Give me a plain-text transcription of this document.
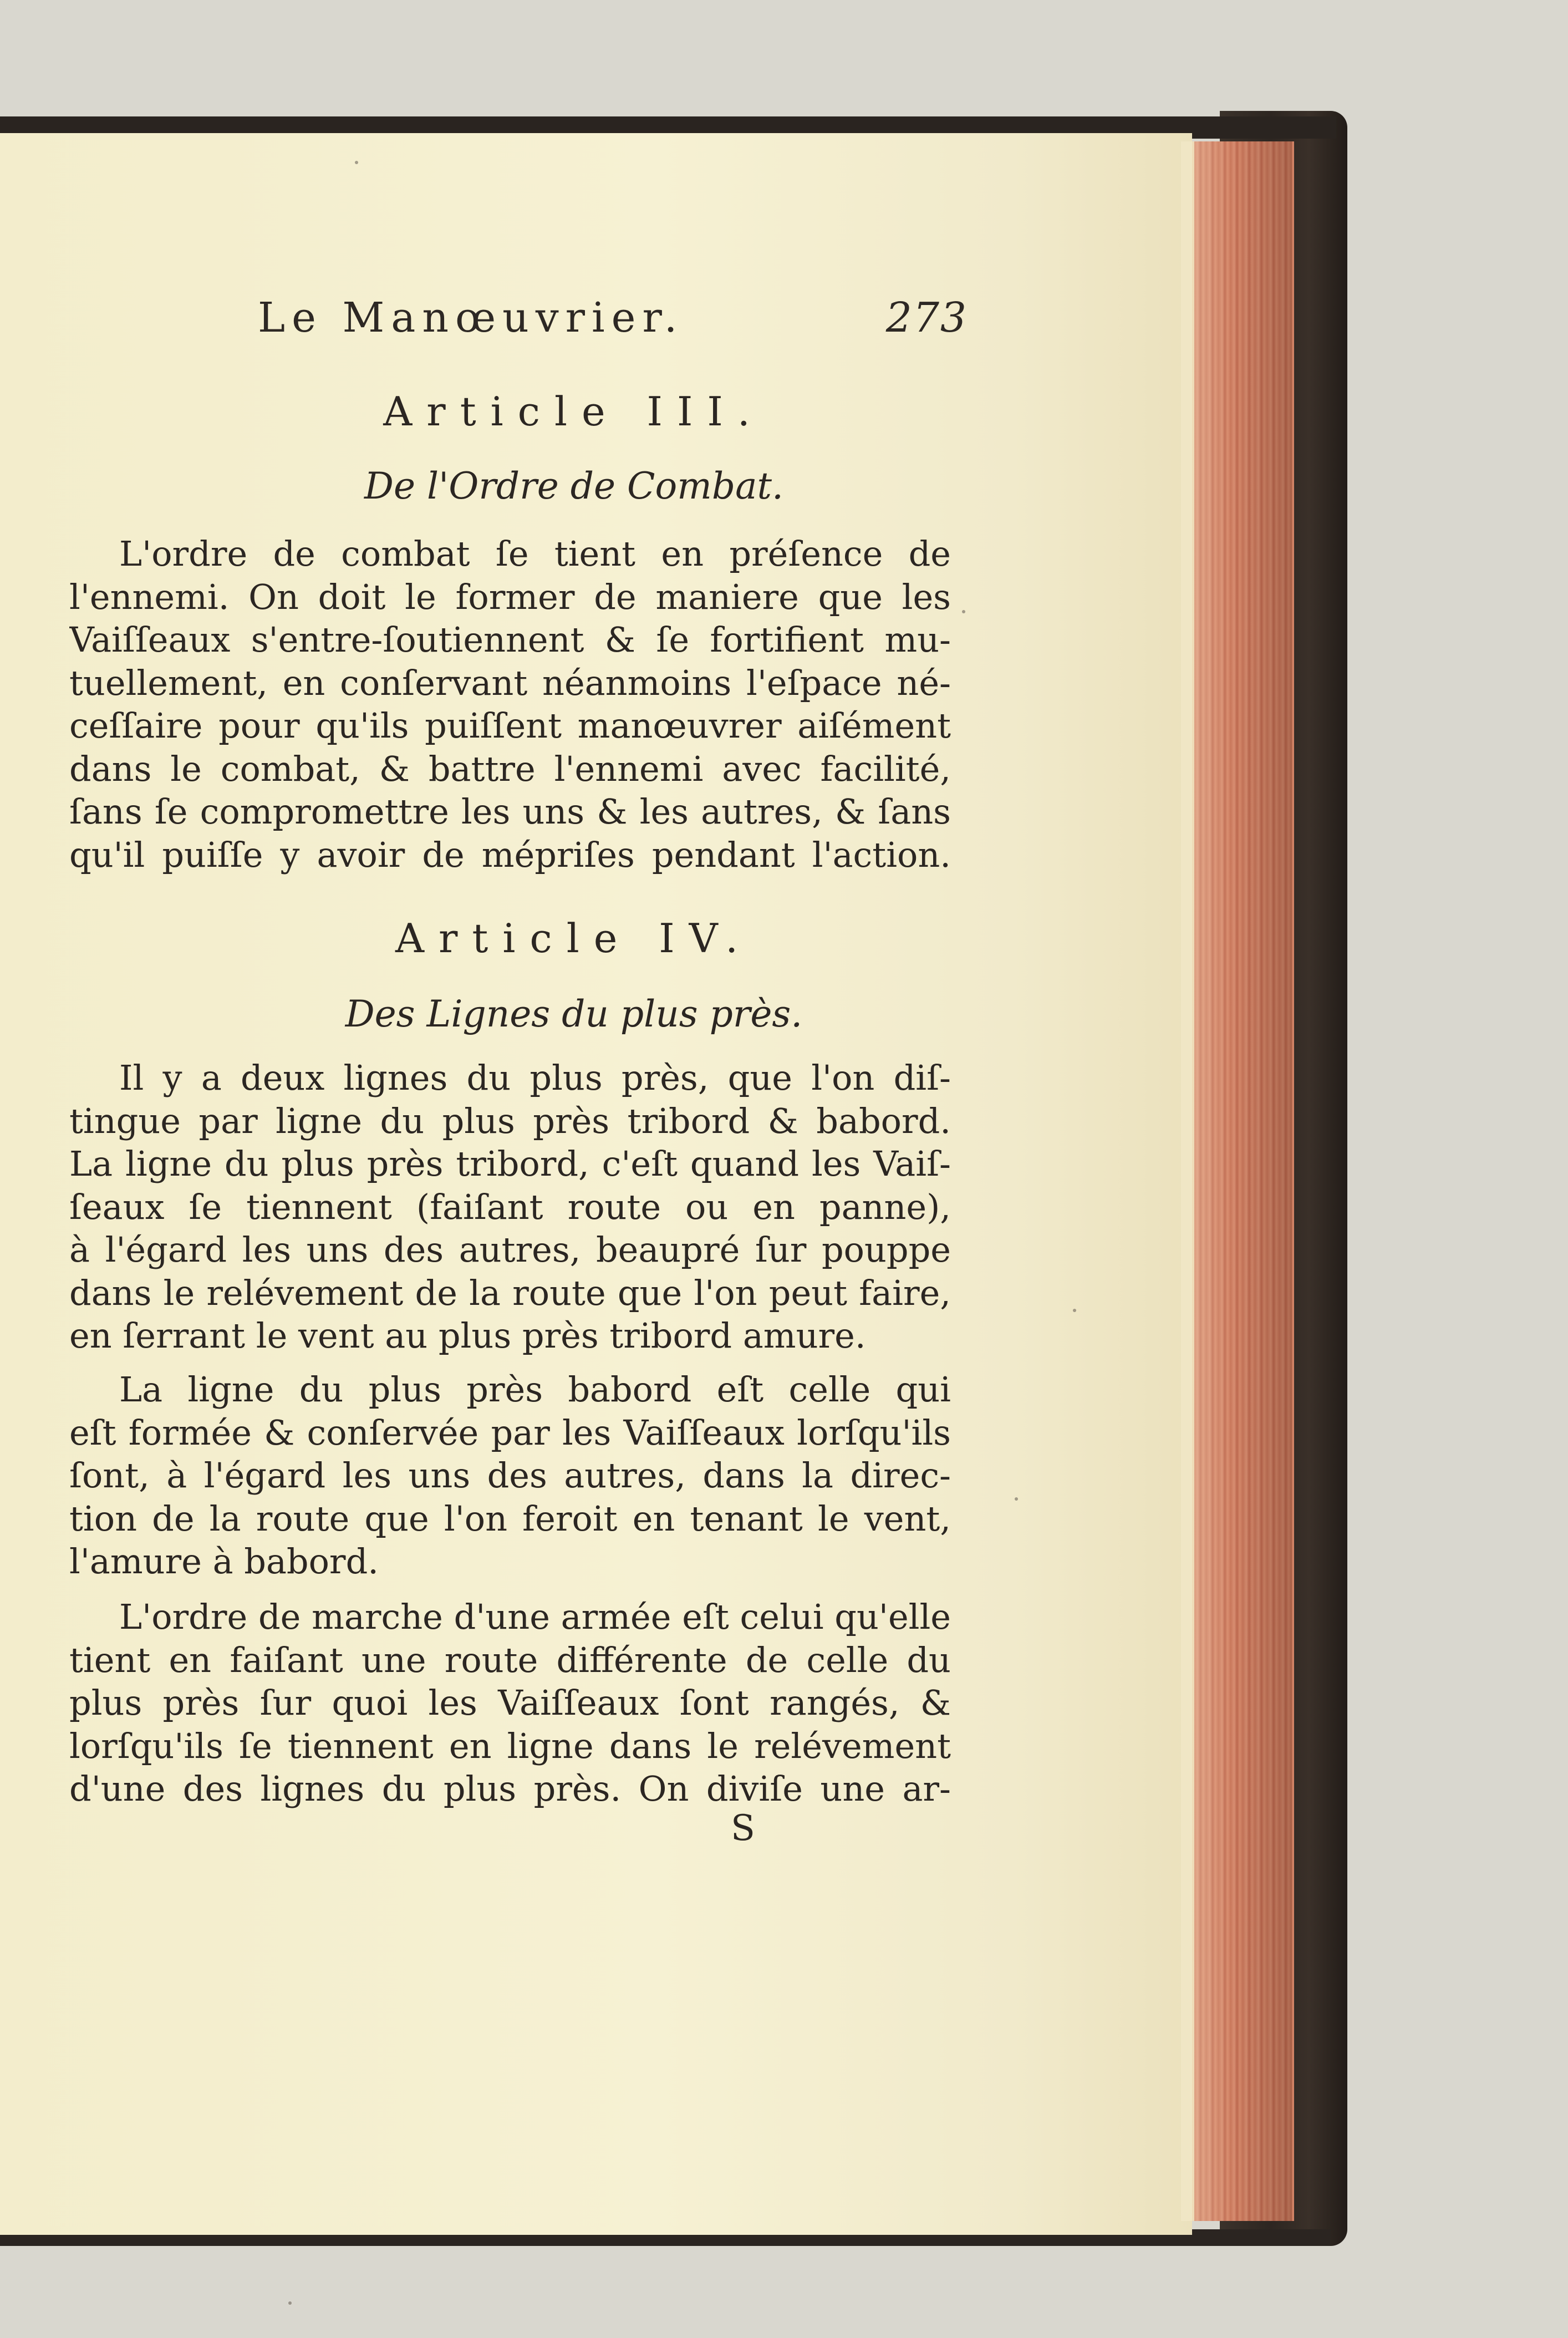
Le Manœuvrier.	273
Article III.
De l'Ordre de Combat.
L'ordre de combat ſe tient en préſence de
l'ennemi. On doit le former de maniere que les
Vaiſſeaux s'entre-ſoutiennent & ſe fortifient mu-
tuellement, en conſervant néanmoins l'eſpace né-
ceſſaire pour qu'ils puiſſent manœuvrer aiſément
dans le combat, & battre l'ennemi avec facilité,
ſans ſe compromettre les uns & les autres, & ſans
qu'il puiſſe y avoir de mépriſes pendant l'action.
Article IV.
Des Lignes du plus près.
Il y a deux lignes du plus près, que l'on diſ-
tingue par ligne du plus près tribord & babord.
La ligne du plus près tribord, c'eſt quand les Vaiſ-
ſeaux ſe tiennent (faiſant route ou en panne),
à l'égard les uns des autres, beaupré ſur pouppe
dans le relévement de la route que l'on peut faire,
en ſerrant le vent au plus près tribord amure.
La ligne du plus près babord eſt celle qui
eſt formée & conſervée par les Vaiſſeaux lorſqu'ils
ſont, à l'égard les uns des autres, dans la direc-
tion de la route que l'on feroit en tenant le vent,
l'amure à babord.
L'ordre de marche d'une armée eſt celui qu'elle
tient en faiſant une route différente de celle du
plus près ſur quoi les Vaiſſeaux ſont rangés, &
lorſqu'ils ſe tiennent en ligne dans le relévement
d'une des lignes du plus près. On diviſe une ar-
S
